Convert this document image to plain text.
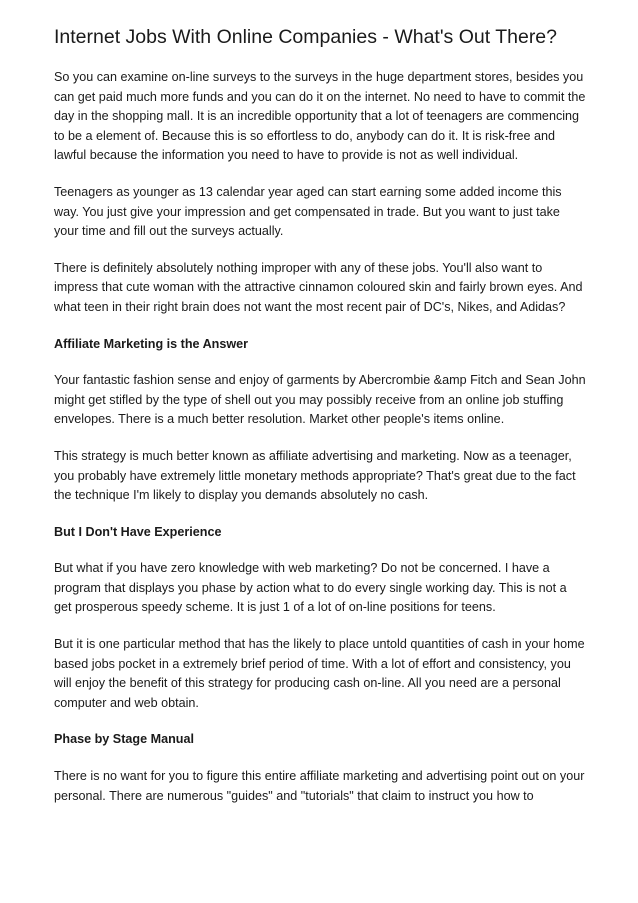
Internet Jobs With Online Companies - What's Out There?

So you can examine on-line surveys to the surveys in the huge department stores, besides you can get paid much more funds and you can do it on the internet. No need to have to commit the day in the shopping mall. It is an incredible opportunity that a lot of teenagers are commencing to be a element of. Because this is so effortless to do, anybody can do it. It is risk-free and lawful because the information you need to have to provide is not as well individual.

Teenagers as younger as 13 calendar year aged can start earning some added income this way. You just give your impression and get compensated in trade. But you want to just take your time and fill out the surveys actually.

There is definitely absolutely nothing improper with any of these jobs. You'll also want to impress that cute woman with the attractive cinnamon coloured skin and fairly brown eyes. And what teen in their right brain does not want the most recent pair of DC's, Nikes, and Adidas?

Affiliate Marketing is the Answer

Your fantastic fashion sense and enjoy of garments by Abercrombie &amp Fitch and Sean John might get stifled by the type of shell out you may possibly receive from an online job stuffing envelopes. There is a much better resolution. Market other people's items online.

This strategy is much better known as affiliate advertising and marketing. Now as a teenager, you probably have extremely little monetary methods appropriate? That's great due to the fact the technique I'm likely to display you demands absolutely no cash.

But I Don't Have Experience

But what if you have zero knowledge with web marketing? Do not be concerned. I have a program that displays you phase by action what to do every single working day. This is not a get prosperous speedy scheme. It is just 1 of a lot of on-line positions for teens.

But it is one particular method that has the likely to place untold quantities of cash in your home based jobs pocket in a extremely brief period of time. With a lot of effort and consistency, you will enjoy the benefit of this strategy for producing cash on-line. All you need are a personal computer and web obtain.

Phase by Stage Manual

There is no want for you to figure this entire affiliate marketing and advertising point out on your personal. There are numerous "guides" and "tutorials" that claim to instruct you how to
